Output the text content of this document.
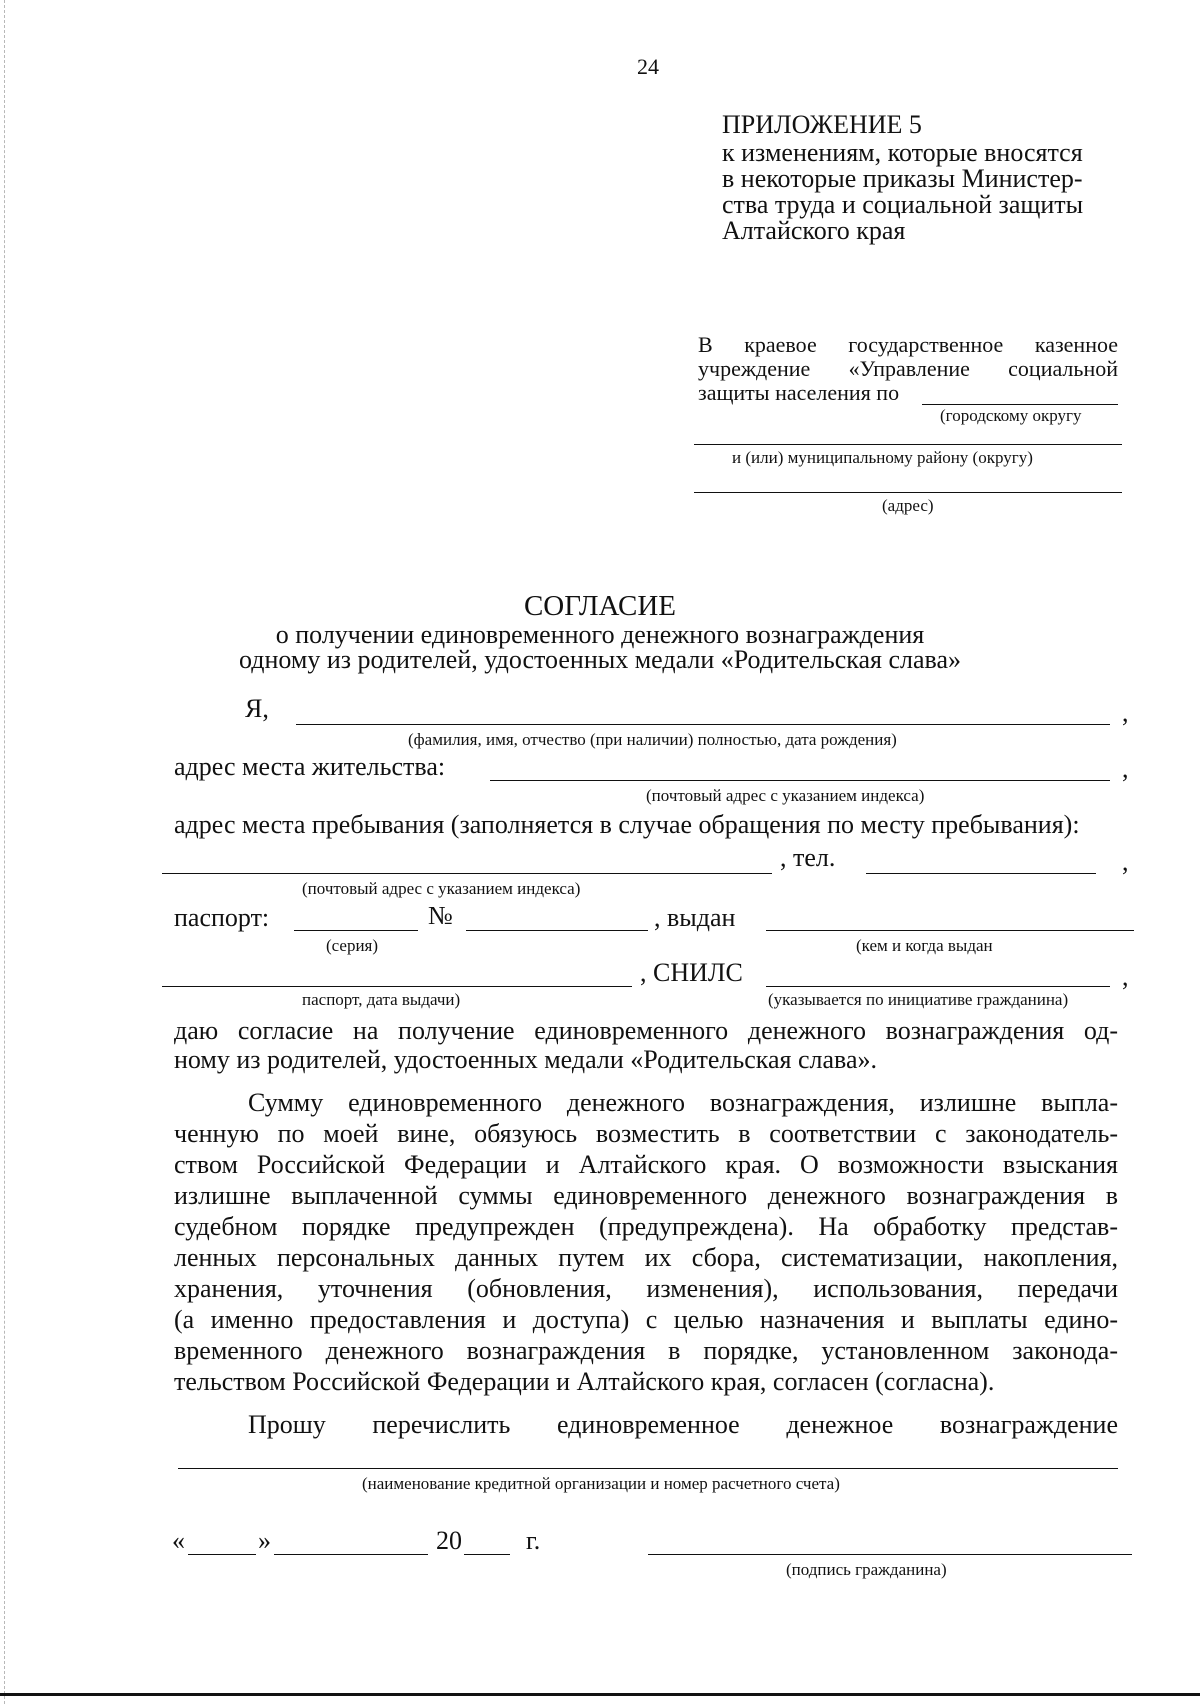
24
ПРИЛОЖЕНИЕ 5
к изменениям, которые вносятся
в некоторые приказы Министер-
ства труда и социальной защиты
Алтайского края
В краевое государственное казенное
учреждение «Управление социальной
защиты населения по
(городскому округу
и (или) муниципальному району (округу)
(адрес)
СОГЛАСИЕ
о получении единовременного денежного вознаграждения
одному из родителей, удостоенных медали «Родительская слава»
Я,	,
(фамилия, имя, отчество (при наличии) полностью, дата рождения)
адрес места жительства:	,
(почтовый адрес с указанием индекса)
адрес места пребывания (заполняется в случае обращения по месту пребывания):
, тел.	,
(почтовый адрес с указанием индекса)
паспорт:	№	, выдан
(серия)	(кем и когда выдан
, СНИЛС	,
паспорт, дата выдачи)	(указывается по инициативе гражданина)
даю согласие на получение единовременного денежного вознаграждения од-
ному из родителей, удостоенных медали «Родительская слава».
Сумму единовременного денежного вознаграждения, излишне выпла-
ченную по моей вине, обязуюсь возместить в соответствии с законодатель-
ством Российской Федерации и Алтайского края. О возможности взыскания
излишне выплаченной суммы единовременного денежного вознаграждения в
судебном порядке предупрежден (предупреждена). На обработку представ-
ленных персональных данных путем их сбора, систематизации, накопления,
хранения, уточнения (обновления, изменения), использования, передачи
(а именно предоставления и доступа) с целью назначения и выплаты едино-
временного денежного вознаграждения в порядке, установленном законода-
тельством Российской Федерации и Алтайского края, согласен (согласна).
Прошу перечислить единовременное денежное вознаграждение
(наименование кредитной организации и номер расчетного счета)
«	»	20 г.
(подпись гражданина)
